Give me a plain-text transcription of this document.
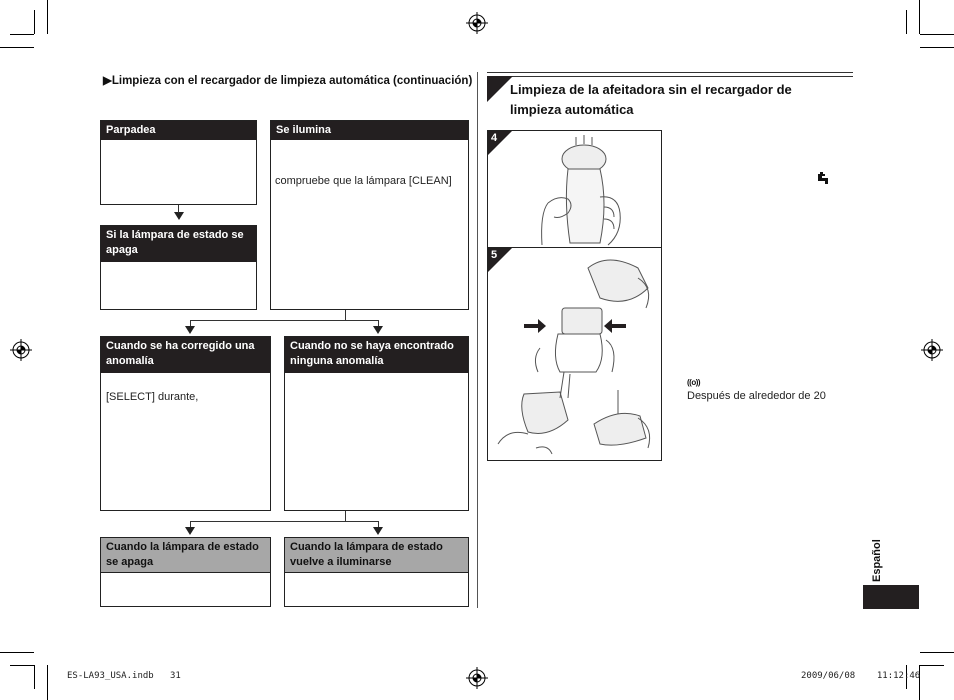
▶Limpieza con el recargador de limpieza automática (continuación)
Parpadea	Se ilumina
compruebe que la lámpara [CLEAN]
Si la lámpara de estado se apaga
Cuando se ha corregido una anomalía
[SELECT] durante,
Cuando no se haya encontrado ninguna anomalía
Cuando la lámpara de estado se apaga
Cuando la lámpara de estado vuelve a iluminarse
Limpieza de la afeitadora sin el recargador de
limpieza automática
4
5
((o))
Después de alrededor de 20
Español
ES-LA93_USA.indb   31	2009/06/08    11:12:46
